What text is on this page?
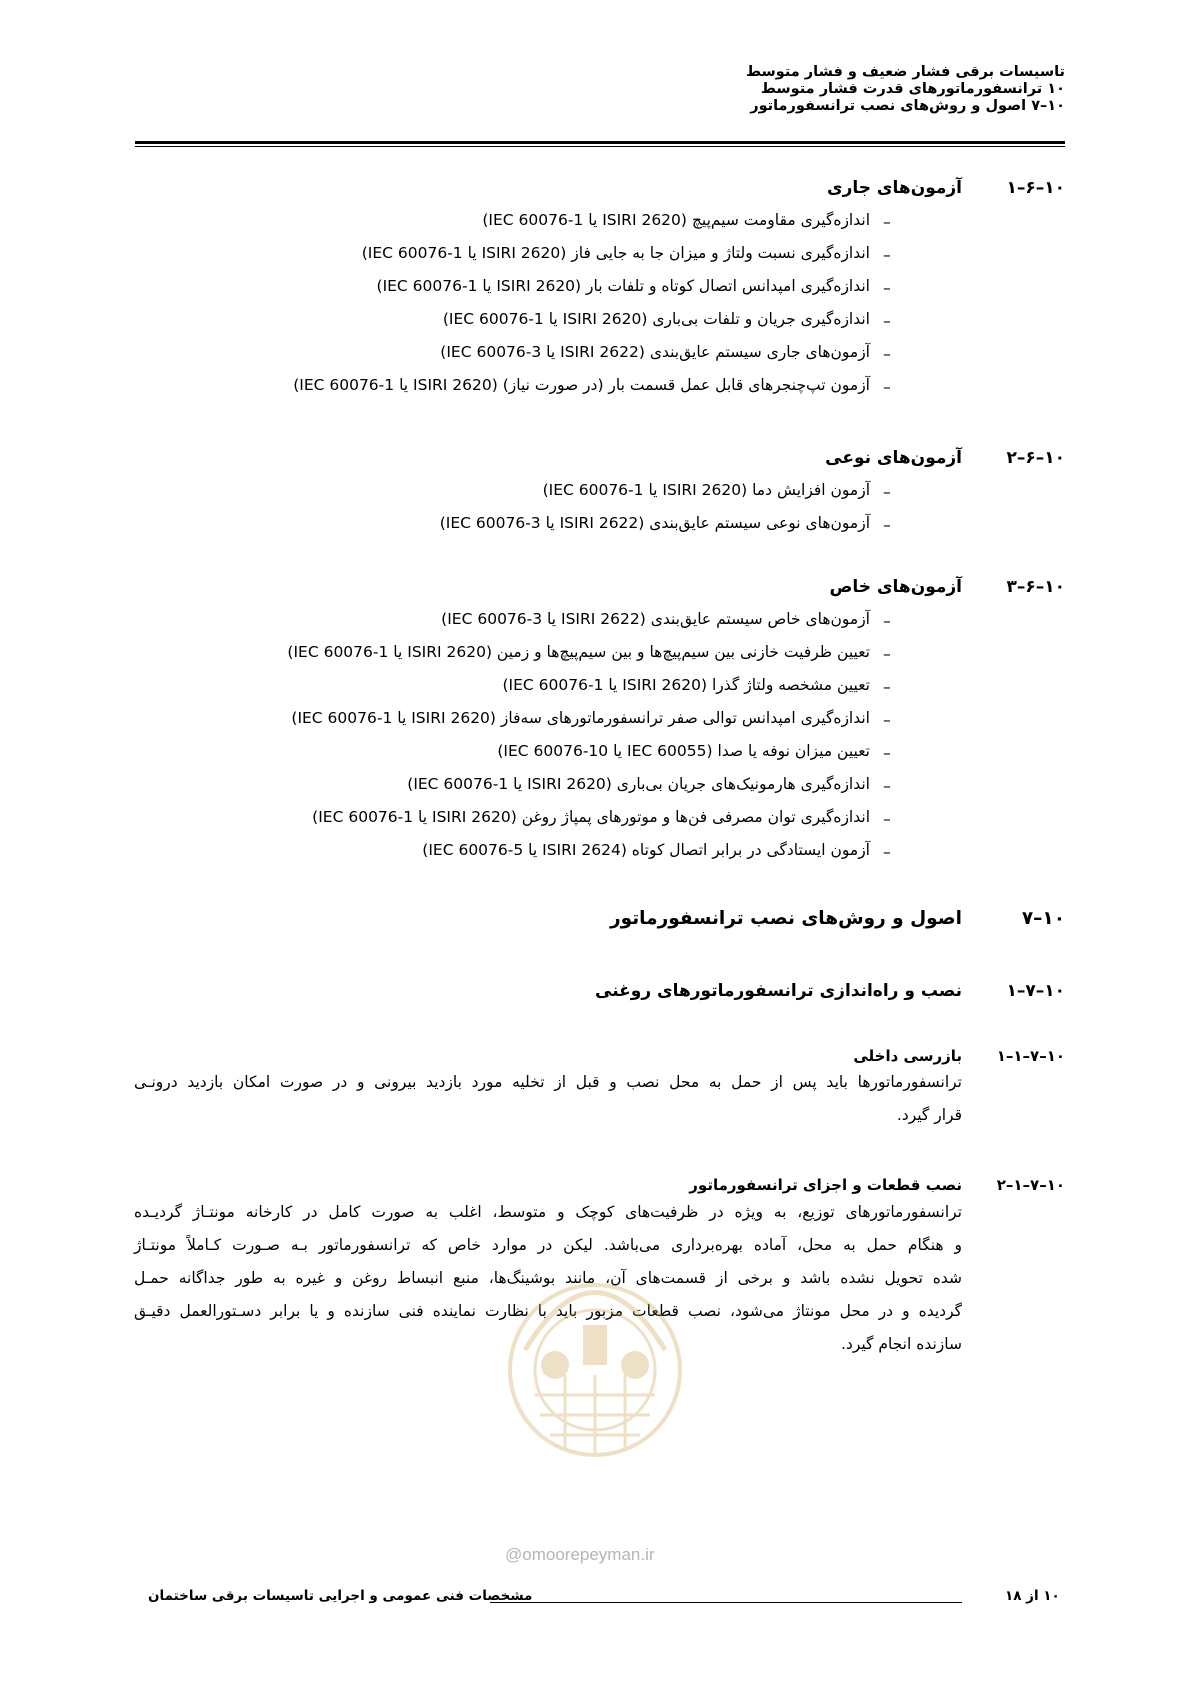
تاسیسات برقی فشار ضعیف و فشار متوسط
۱۰ ترانسفورماتورهای قدرت فشار متوسط
۱۰–۷ اصول و روش‌های نصب ترانسفورماتور
۱۰–۶–۱
آزمون‌های جاری
–
اندازه‌گیری مقاومت سیم‌پیچ (ISIRI 2620 یا IEC 60076-1)
–
اندازه‌گیری نسبت ولتاژ و میزان جا به جایی فاز (ISIRI 2620 یا IEC 60076-1)
–
اندازه‌گیری امپدانس اتصال کوتاه و تلفات بار (ISIRI 2620 یا IEC 60076-1)
–
اندازه‌گیری جریان و تلفات بی‌باری (ISIRI 2620 یا IEC 60076-1)
–
آزمون‌های جاری سیستم عایق‌بندی (ISIRI 2622 یا IEC 60076-3)
–
آزمون تپ‌چنجرهای قابل عمل قسمت بار (در صورت نیاز) (ISIRI 2620 یا IEC 60076-1)
۱۰–۶–۲
آزمون‌های نوعی
–
آزمون افزایش دما (ISIRI 2620 یا IEC 60076-1)
–
آزمون‌های نوعی سیستم عایق‌بندی (ISIRI 2622 یا IEC 60076-3)
۱۰–۶–۳
آزمون‌های خاص
–
آزمون‌های خاص سیستم عایق‌بندی (ISIRI 2622 یا IEC 60076-3)
–
تعیین ظرفیت خازنی بین سیم‌پیچ‌ها و بین سیم‌پیچ‌ها و زمین (ISIRI 2620 یا IEC 60076-1)
–
تعیین مشخصه ولتاژ گذرا (ISIRI 2620 یا IEC 60076-1)
–
اندازه‌گیری امپدانس توالی صفر ترانسفورماتورهای سه‌فاز (ISIRI 2620 یا IEC 60076-1)
–
تعیین میزان نوفه یا صدا (IEC 60055 یا IEC 60076-10)
–
اندازه‌گیری هارمونیک‌های جریان بی‌باری (ISIRI 2620 یا IEC 60076-1)
–
اندازه‌گیری توان مصرفی فن‌ها و موتورهای پمپاژ روغن (ISIRI 2620 یا IEC 60076-1)
–
آزمون ایستادگی در برابر اتصال کوتاه (ISIRI 2624 یا IEC 60076-5)
۱۰–۷
اصول و روش‌های نصب ترانسفورماتور
۱۰–۷–۱
نصب و راه‌اندازی ترانسفورماتورهای روغنی
۱۰–۷–۱–۱
بازرسی داخلی
ترانسفورماتورها باید پس از حمل به محل نصب و قبل از تخلیه مورد بازدید بیرونی و در صورت امکان بازدید درونـی
قرار گیرد.
۱۰–۷–۱–۲
نصب قطعات و اجزای ترانسفورماتور
ترانسفورماتورهای توزیع، به ویژه در ظرفیت‌های کوچک و متوسط، اغلب به صورت کامل در کارخانه مونتـاژ گردیـده
و هنگام حمل به محل، آماده بهره‌برداری می‌باشد. لیکن در موارد خاص که ترانسفورماتور بـه صـورت کـاملاً مونتـاژ
شده تحویل نشده باشد و برخی از قسمت‌های آن، مانند بوشینگ‌ها، منبع انبساط روغن و غیره به طور جداگانه حمـل
گردیده و در محل مونتاژ می‌شود، نصب قطعات مزبور باید با نظارت نماینده فنی سازنده و یا برابر دسـتورالعمل دقیـق
سازنده انجام گیرد.
@omoorepeyman.ir
مشخصات فنی عمومی و اجرایی تاسیسات برقی ساختمان	۱۰ از ۱۸
